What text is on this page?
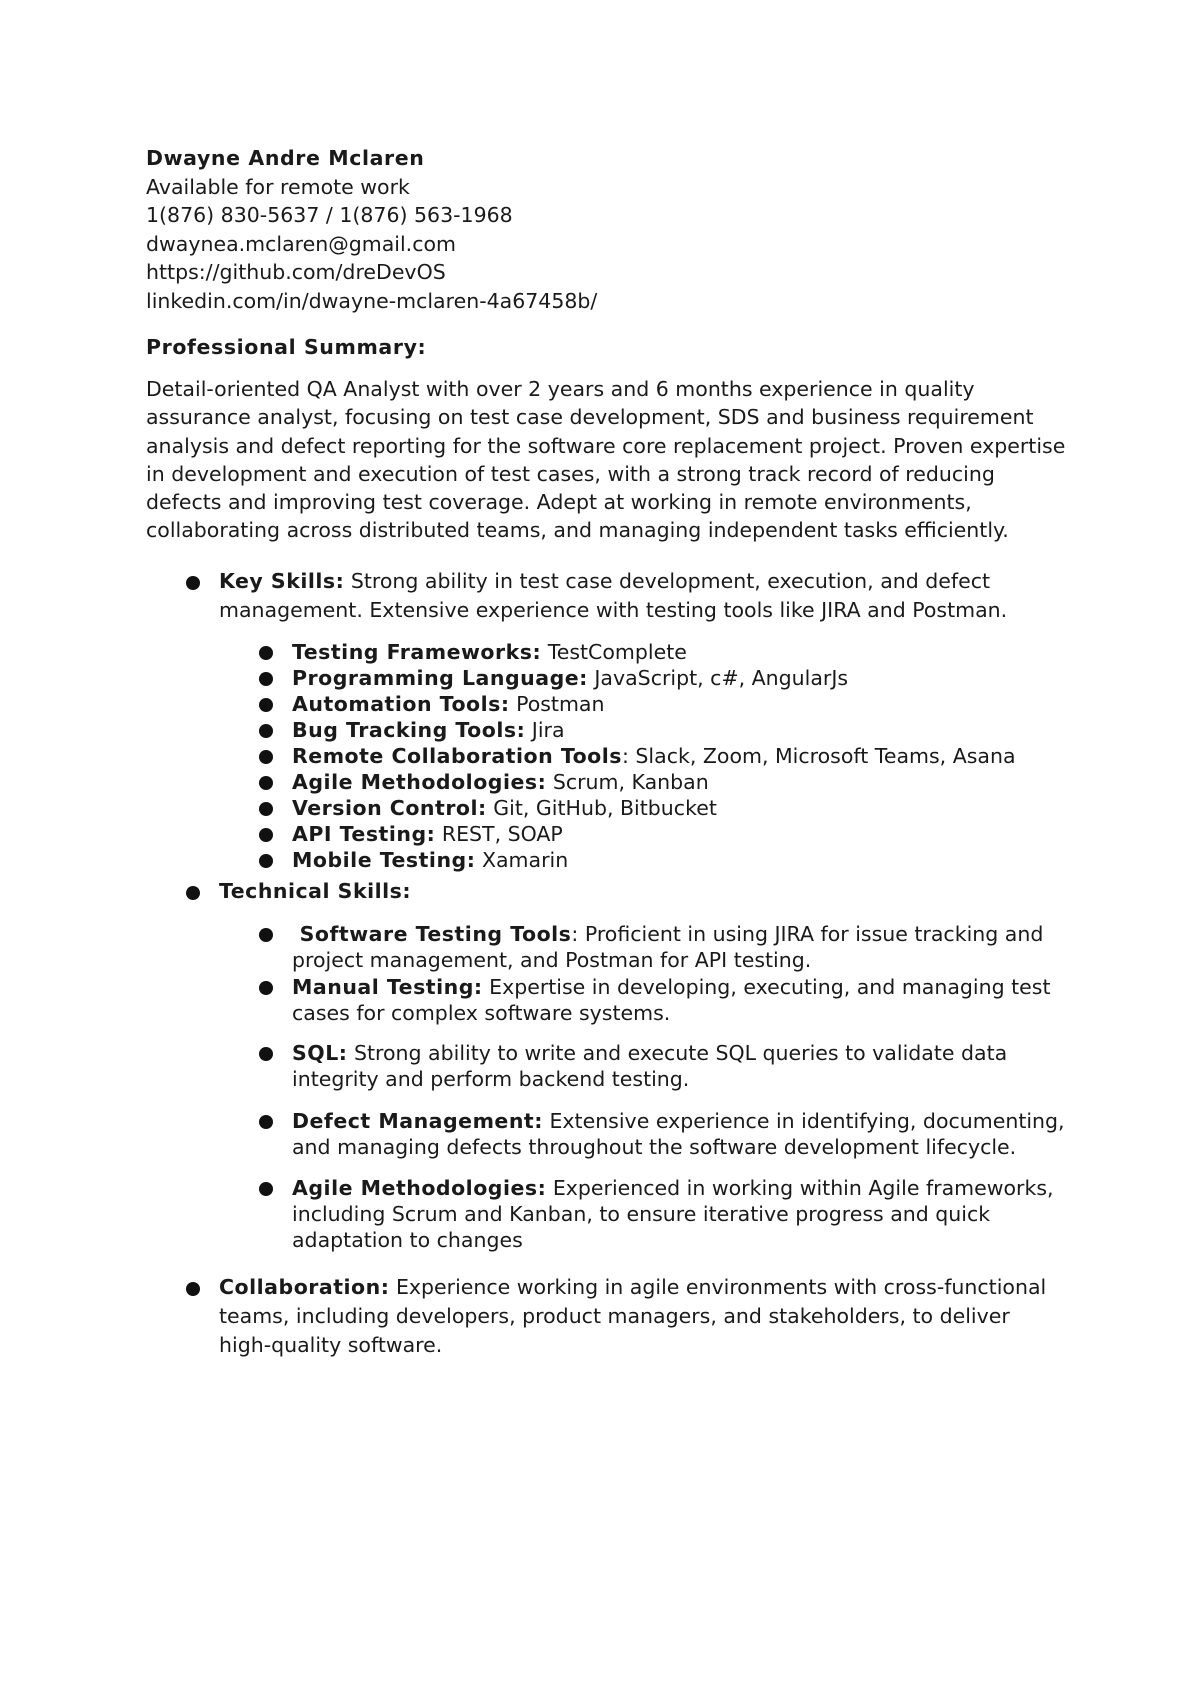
Dwayne Andre Mclaren

Available for remote work

1(876) 830-5637 / 1(876) 563-1968

dwaynea.mclaren@gmail.com

https://github.com/dreDevOS

linkedin.com/in/dwayne-mclaren-4a67458b/

Professional Summary:

Detail-oriented QA Analyst with over 2 years and 6 months experience in quality assurance analyst, focusing on test case development, SDS and business requirement analysis and defect reporting for the software core replacement project. Proven expertise in development and execution of test cases, with a strong track record of reducing defects and improving test coverage. Adept at working in remote environments, collaborating across distributed teams, and managing independent tasks efficiently.

Key Skills: Strong ability in test case development, execution, and defect management. Extensive experience with testing tools like JIRA and Postman.
Testing Frameworks: TestComplete
Programming Language: JavaScript, c#, AngularJs
Automation Tools: Postman
Bug Tracking Tools: Jira
Remote Collaboration Tools: Slack, Zoom, Microsoft Teams, Asana
Agile Methodologies: Scrum, Kanban
Version Control: Git, GitHub, Bitbucket
API Testing: REST, SOAP
Mobile Testing: Xamarin
Technical Skills:
Software Testing Tools: Proficient in using JIRA for issue tracking and project management, and Postman for API testing.
Manual Testing: Expertise in developing, executing, and managing test cases for complex software systems.
SQL: Strong ability to write and execute SQL queries to validate data integrity and perform backend testing.
Defect Management: Extensive experience in identifying, documenting, and managing defects throughout the software development lifecycle.
Agile Methodologies: Experienced in working within Agile frameworks, including Scrum and Kanban, to ensure iterative progress and quick adaptation to changes
Collaboration: Experience working in agile environments with cross-functional teams, including developers, product managers, and stakeholders, to deliver high-quality software.
